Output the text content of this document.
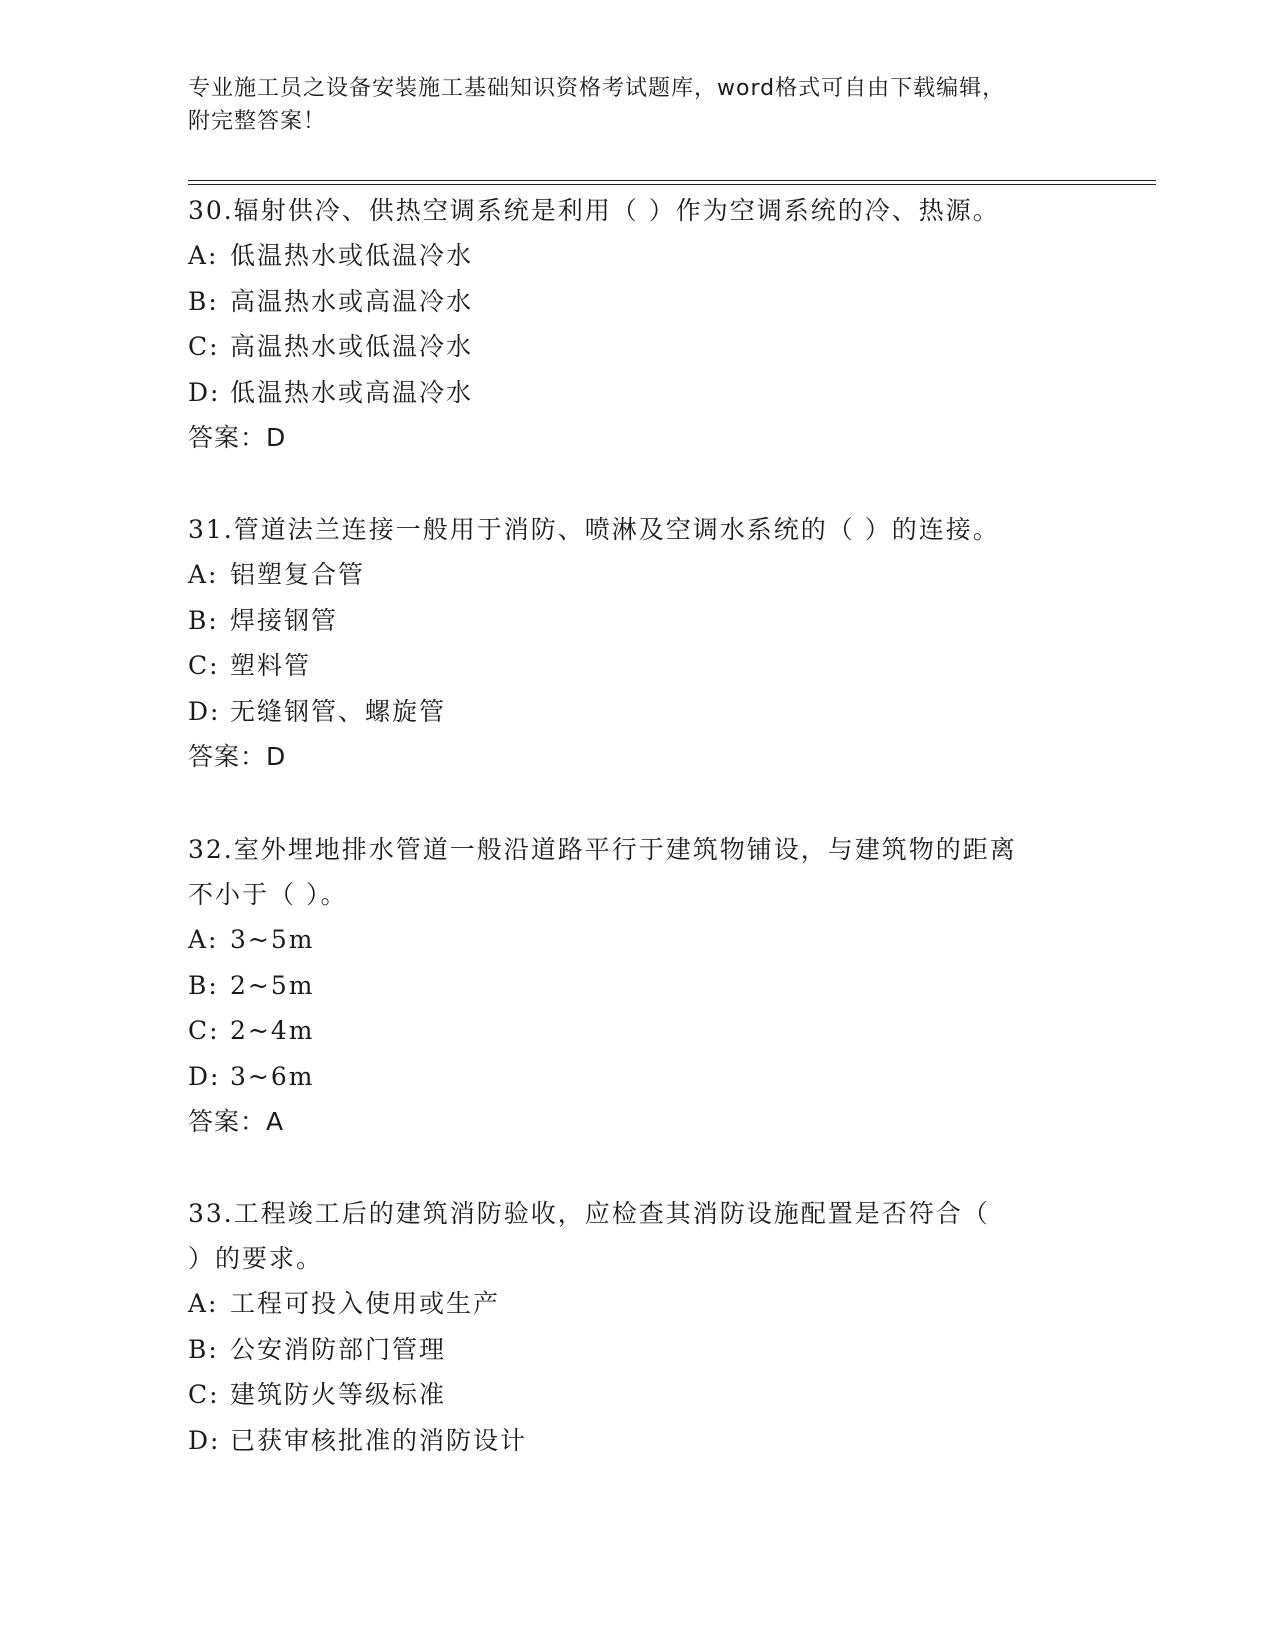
专业施工员之设备安装施工基础知识资格考试题库，word格式可自由下载编辑，
附完整答案！
30.辐射供冷、供热空调系统是利用（ ）作为空调系统的冷、热源。
A: 低温热水或低温冷水
B: 高温热水或高温冷水
C: 高温热水或低温冷水
D: 低温热水或高温冷水
答案：D
31.管道法兰连接一般用于消防、喷淋及空调水系统的（ ）的连接。
A: 铝塑复合管
B: 焊接钢管
C: 塑料管
D: 无缝钢管、螺旋管
答案：D
32.室外埋地排水管道一般沿道路平行于建筑物铺设，与建筑物的距离
不小于（ ）。
A: 3~5m
B: 2~5m
C: 2~4m
D: 3~6m
答案：A
33.工程竣工后的建筑消防验收，应检查其消防设施配置是否符合（
）的要求。
A: 工程可投入使用或生产
B: 公安消防部门管理
C: 建筑防火等级标准
D: 已获审核批准的消防设计
